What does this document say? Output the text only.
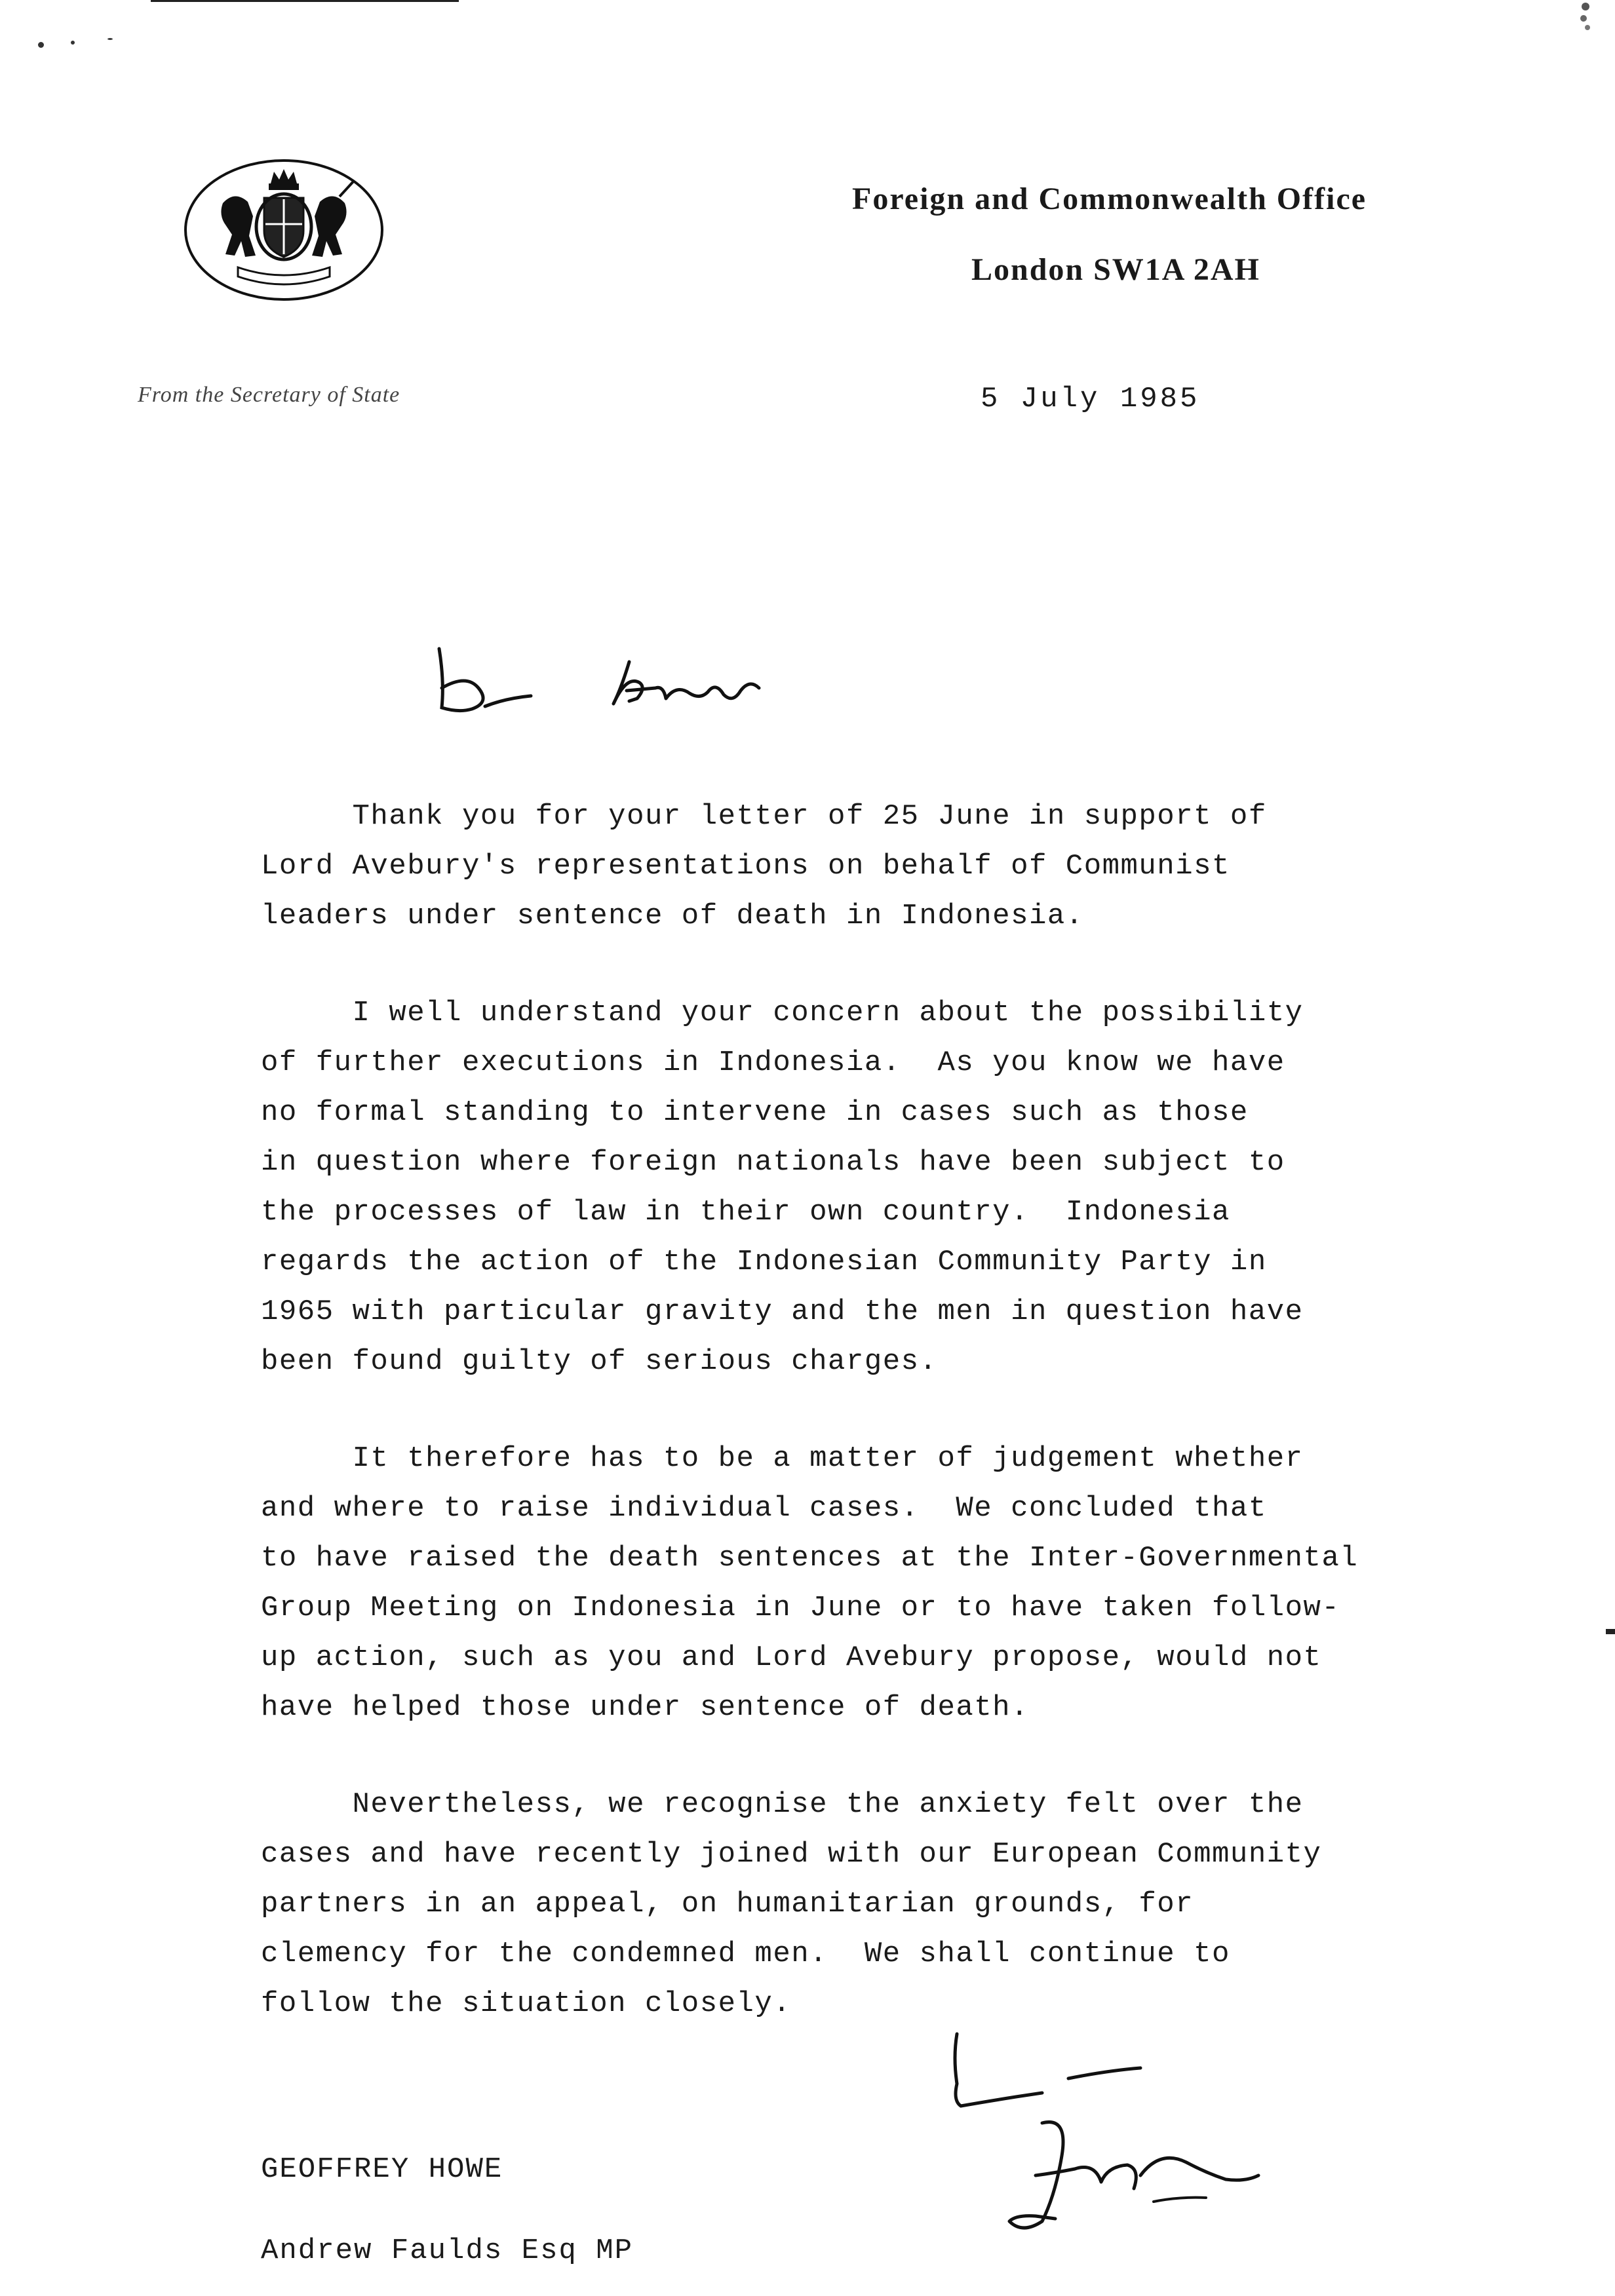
Foreign and Commonwealth Office
London SW1A 2AH
From the Secretary of State	5 July 1985
Thank you for your letter of 25 June in support of
Lord Avebury's representations on behalf of Communist
leaders under sentence of death in Indonesia.
I well understand your concern about the possibility
of further executions in Indonesia.  As you know we have
no formal standing to intervene in cases such as those
in question where foreign nationals have been subject to
the processes of law in their own country.  Indonesia
regards the action of the Indonesian Community Party in
1965 with particular gravity and the men in question have
been found guilty of serious charges.
It therefore has to be a matter of judgement whether
and where to raise individual cases.  We concluded that
to have raised the death sentences at the Inter-Governmental
Group Meeting on Indonesia in June or to have taken follow-
up action, such as you and Lord Avebury propose, would not
have helped those under sentence of death.
Nevertheless, we recognise the anxiety felt over the
cases and have recently joined with our European Community
partners in an appeal, on humanitarian grounds, for
clemency for the condemned men.  We shall continue to
follow the situation closely.
GEOFFREY HOWE
Andrew Faulds Esq MP
